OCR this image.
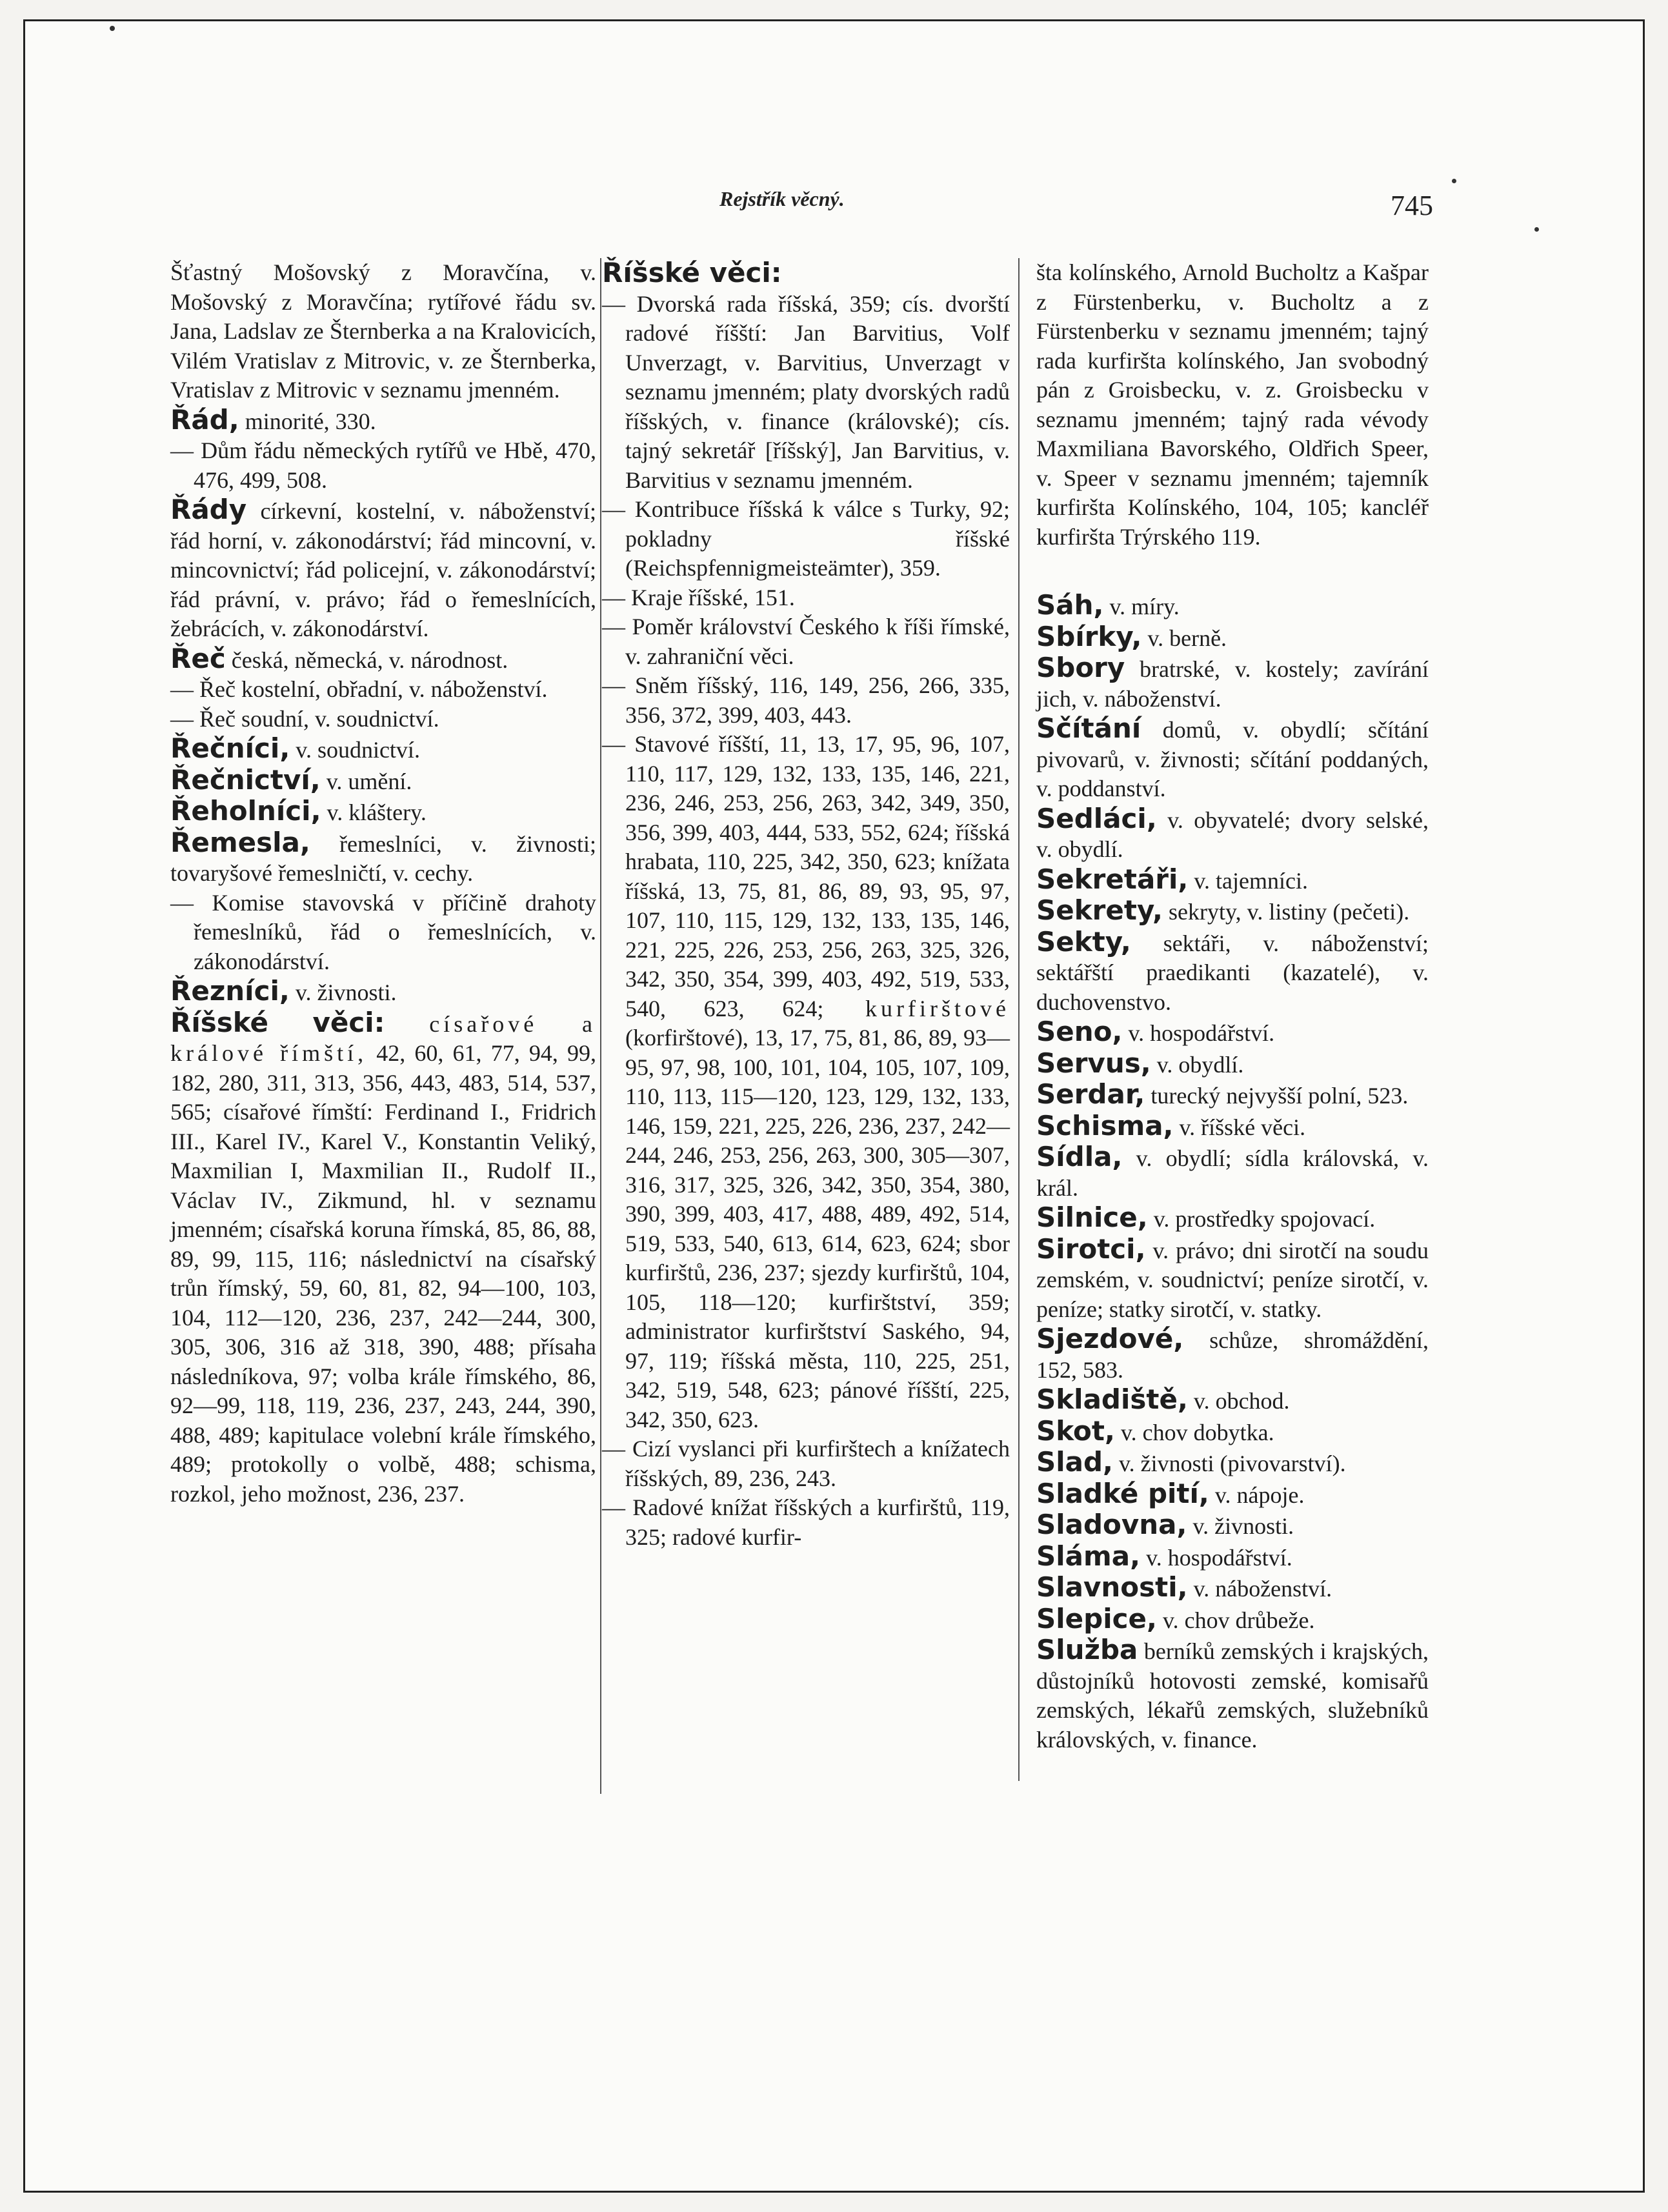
Rejstřík věcný.	745

Šťastný Mošovský z Moravčína, v. Mošovský z Moravčína; rytířové řádu sv. Jana, Ladslav ze Šternberka a na Kralovicích, Vilém Vratislav z Mitrovic, v. ze Šternberka, Vratislav z Mitrovic v seznamu jmenném.

Řád, minorité, 330.

— Dům řádu německých rytířů ve Hbě, 470, 476, 499, 508.

Řády církevní, kostelní, v. náboženství; řád horní, v. zákonodárství; řád mincovní, v. mincovnictví; řád policejní, v. zákonodárství; řád právní, v. právo; řád o řemeslnících, žebrácích, v. zákonodárství.

Řeč česká, německá, v. národnost.

— Řeč kostelní, obřadní, v. náboženství.

— Řeč soudní, v. soudnictví.

Řečníci, v. soudnictví.

Řečnictví, v. umění.

Řeholníci, v. kláštery.

Řemesla, řemeslníci, v. živnosti; tovaryšové řemeslničtí, v. cechy.

— Komise stavovská v příčině drahoty řemeslníků, řád o řemeslnících, v. zákonodárství.

Řezníci, v. živnosti.

Říšské věci: císařové a králové římští, 42, 60, 61, 77, 94, 99, 182, 280, 311, 313, 356, 443, 483, 514, 537, 565; císařové římští: Ferdinand I., Fridrich III., Karel IV., Karel V., Konstantin Veliký, Maxmilian I, Maxmilian II., Rudolf II., Václav IV., Zikmund, hl. v seznamu jmenném; císařská koruna římská, 85, 86, 88, 89, 99, 115, 116; následnictví na císařský trůn římský, 59, 60, 81, 82, 94—100, 103, 104, 112—120, 236, 237, 242—244, 300, 305, 306, 316 až 318, 390, 488; přísaha následníkova, 97; volba krále římského, 86, 92—99, 118, 119, 236, 237, 243, 244, 390, 488, 489; kapitulace volební krále římského, 489; protokolly o volbě, 488; schisma, rozkol, jeho možnost, 236, 237.

Říšské věci:

— Dvorská rada říšská, 359; cís. dvorští radové říšští: Jan Barvitius, Volf Unverzagt, v. Barvitius, Unverzagt v seznamu jmenném; platy dvorských radů říšských, v. finance (královské); cís. tajný sekretář [říšský], Jan Barvitius, v. Barvitius v seznamu jmenném.

— Kontribuce říšská k válce s Turky, 92; pokladny říšské (Reichspfennigmeisteämter), 359.

— Kraje říšské, 151.

— Poměr království Českého k říši římské, v. zahraniční věci.

— Sněm říšský, 116, 149, 256, 266, 335, 356, 372, 399, 403, 443.

— Stavové říšští, 11, 13, 17, 95, 96, 107, 110, 117, 129, 132, 133, 135, 146, 221, 236, 246, 253, 256, 263, 342, 349, 350, 356, 399, 403, 444, 533, 552, 624; říšská hrabata, 110, 225, 342, 350, 623; knížata říšská, 13, 75, 81, 86, 89, 93, 95, 97, 107, 110, 115, 129, 132, 133, 135, 146, 221, 225, 226, 253, 256, 263, 325, 326, 342, 350, 354, 399, 403, 492, 519, 533, 540, 623, 624; kurfirštové (korfirštové), 13, 17, 75, 81, 86, 89, 93—95, 97, 98, 100, 101, 104, 105, 107, 109, 110, 113, 115—120, 123, 129, 132, 133, 146, 159, 221, 225, 226, 236, 237, 242—244, 246, 253, 256, 263, 300, 305—307, 316, 317, 325, 326, 342, 350, 354, 380, 390, 399, 403, 417, 488, 489, 492, 514, 519, 533, 540, 613, 614, 623, 624; sbor kurfirštů, 236, 237; sjezdy kurfirštů, 104, 105, 118—120; kurfirštství, 359; administrator kurfirštství Saského, 94, 97, 119; říšská města, 110, 225, 251, 342, 519, 548, 623; pánové říšští, 225, 342, 350, 623.

— Cizí vyslanci při kurfirštech a knížatech říšských, 89, 236, 243.

— Radové knížat říšských a kurfirštů, 119, 325; radové kurfir-

šta kolínského, Arnold Bucholtz a Kašpar z Fürstenberku, v. Bucholtz a z Fürstenberku v seznamu jmenném; tajný rada kurfiršta kolínského, Jan svobodný pán z Groisbecku, v. z. Groisbecku v seznamu jmenném; tajný rada vévody Maxmiliana Bavorského, Oldřich Speer, v. Speer v seznamu jmenném; tajemník kurfiršta Kolínského, 104, 105; kancléř kurfiršta Trýrského 119.

Sáh, v. míry.

Sbírky, v. berně.

Sbory bratrské, v. kostely; zavírání jich, v. náboženství.

Sčítání domů, v. obydlí; sčítání pivovarů, v. živnosti; sčítání poddaných, v. poddanství.

Sedláci, v. obyvatelé; dvory selské, v. obydlí.

Sekretáři, v. tajemníci.

Sekrety, sekryty, v. listiny (pečeti).

Sekty, sektáři, v. náboženství; sektářští praedikanti (kazatelé), v. duchovenstvo.

Seno, v. hospodářství.

Servus, v. obydlí.

Serdar, turecký nejvyšší polní, 523.

Schisma, v. říšské věci.

Sídla, v. obydlí; sídla královská, v. král.

Silnice, v. prostředky spojovací.

Sirotci, v. právo; dni sirotčí na soudu zemském, v. soudnictví; peníze sirotčí, v. peníze; statky sirotčí, v. statky.

Sjezdové, schůze, shromáždění, 152, 583.

Skladiště, v. obchod.

Skot, v. chov dobytka.

Slad, v. živnosti (pivovarství).

Sladké pití, v. nápoje.

Sladovna, v. živnosti.

Sláma, v. hospodářství.

Slavnosti, v. náboženství.

Slepice, v. chov drůbeže.

Služba berníků zemských i krajských, důstojníků hotovosti zemské, komisařů zemských, lékařů zemských, služebníků královských, v. finance.
